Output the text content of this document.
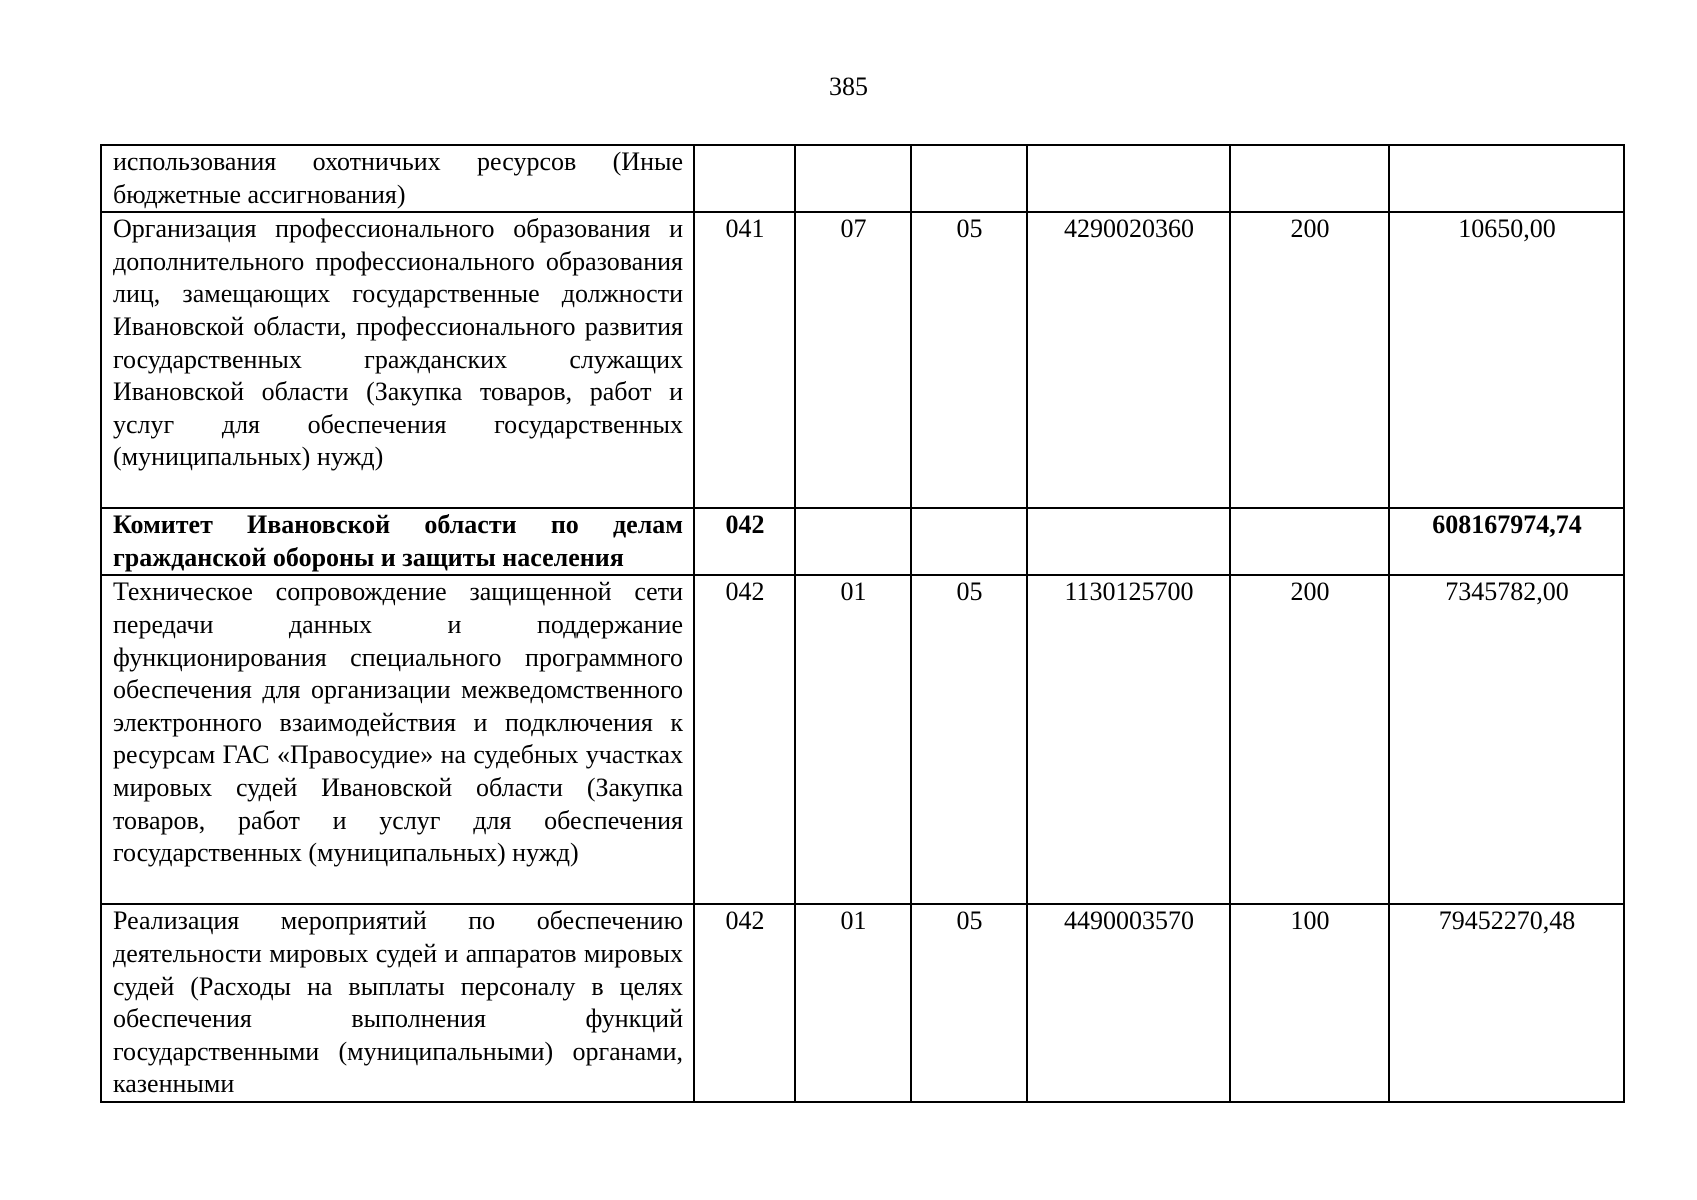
385
использования охотничьих ресурсов (Иные бюджетные ассигнования)						
Организация профессионального образования и дополнительного профессионального образования лиц, замещающих государственные должности Ивановской области, профессионального развития государственных гражданских служащих Ивановской области (Закупка товаров, работ и услуг для обеспечения государственных (муниципальных) нужд)	041	07	05	4290020360	200	10650,00
Комитет Ивановской области по делам гражданской обороны и защиты населения	042					608167974,74
Техническое сопровождение защищенной сети передачи данных и поддержание функционирования специального программного обеспечения для организации межведомственного электронного взаимодействия и подключения к ресурсам ГАС «Правосудие» на судебных участках мировых судей Ивановской области (Закупка товаров, работ и услуг для обеспечения государственных (муниципальных) нужд)	042	01	05	1130125700	200	7345782,00
Реализация мероприятий по обеспечению деятельности мировых судей и аппаратов мировых судей (Расходы на выплаты персоналу в целях обеспечения выполнения функций государственными (муниципальными) органами, казенными	042	01	05	4490003570	100	79452270,48
